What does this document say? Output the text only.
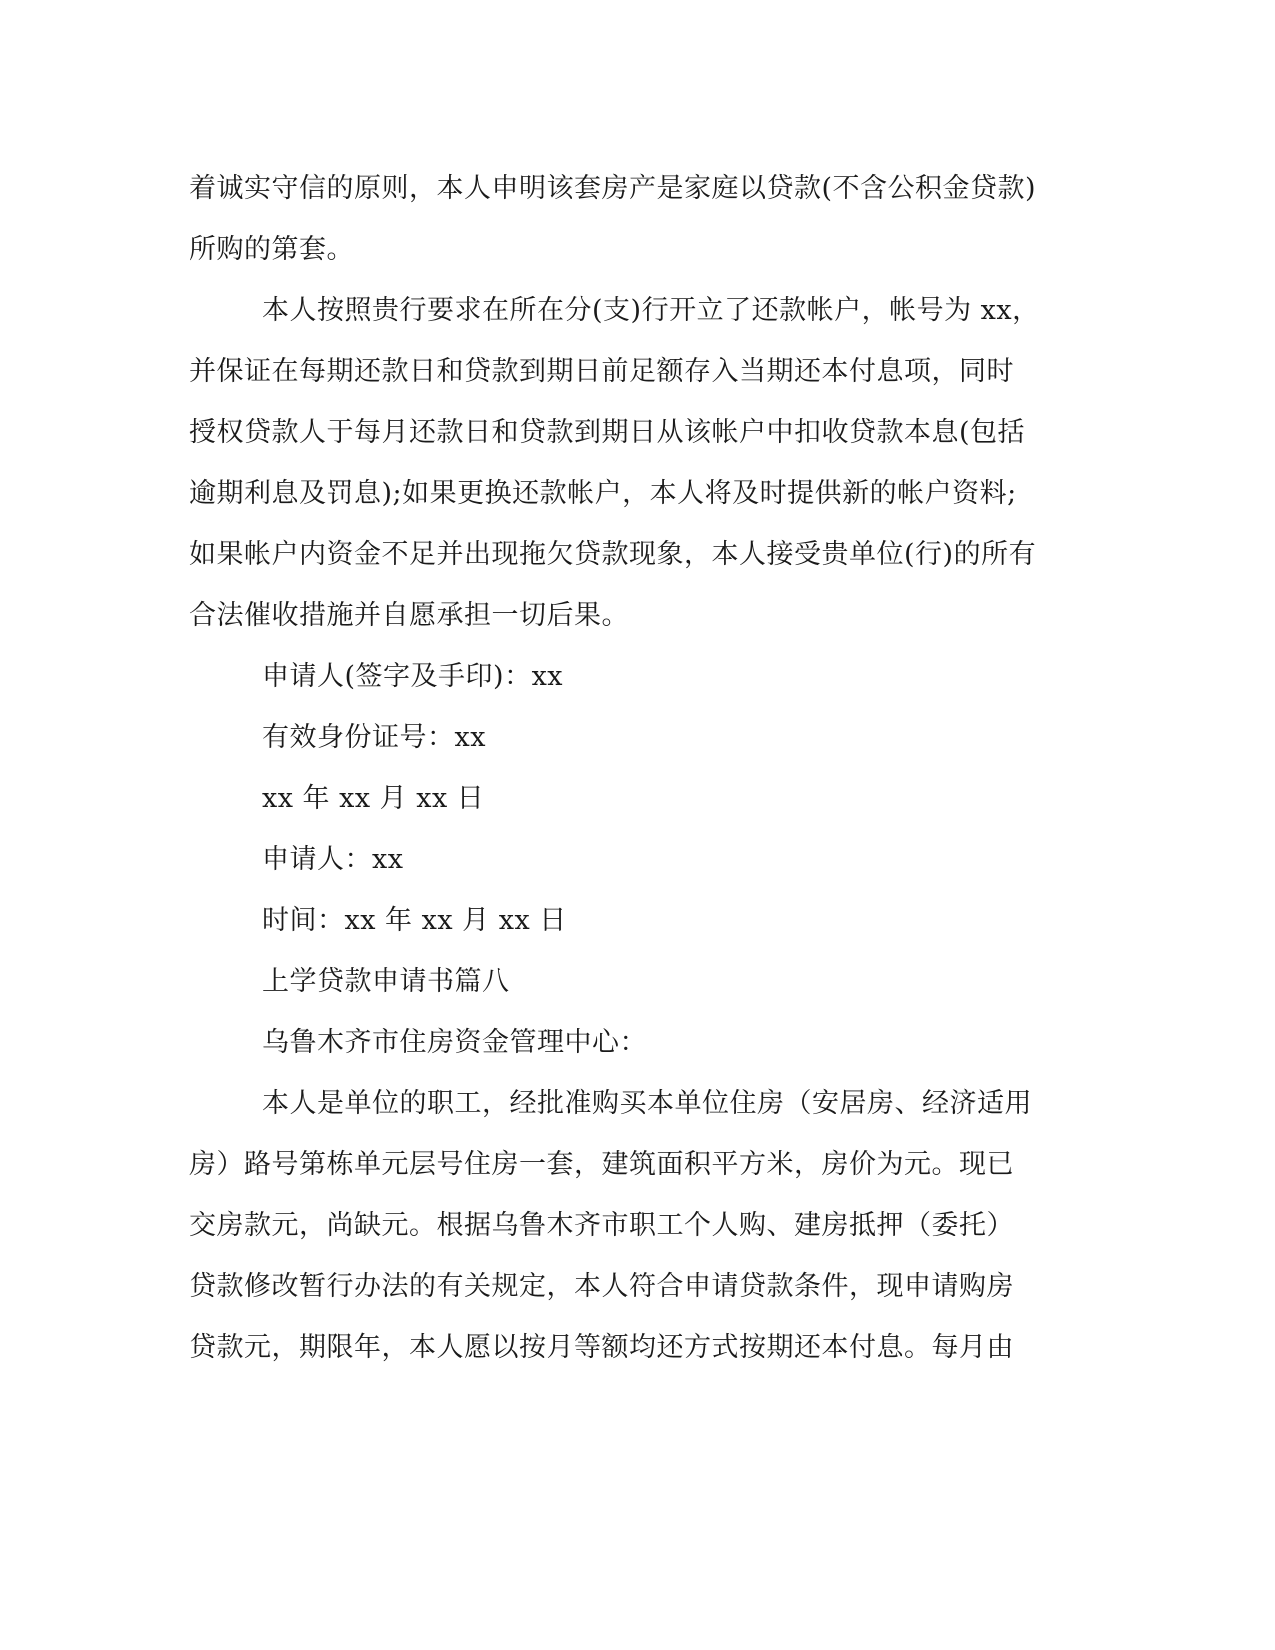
着诚实守信的原则，本人申明该套房产是家庭以贷款(不含公积金贷款)
所购的第套。
本人按照贵行要求在所在分(支)行开立了还款帐户，帐号为 xx，
并保证在每期还款日和贷款到期日前足额存入当期还本付息项，同时
授权贷款人于每月还款日和贷款到期日从该帐户中扣收贷款本息(包括
逾期利息及罚息);如果更换还款帐户，本人将及时提供新的帐户资料;
如果帐户内资金不足并出现拖欠贷款现象，本人接受贵单位(行)的所有
合法催收措施并自愿承担一切后果。
申请人(签字及手印)：xx
有效身份证号：xx
xx 年 xx 月 xx 日
申请人：xx
时间：xx 年 xx 月 xx 日
上学贷款申请书篇八
乌鲁木齐市住房资金管理中心：
本人是单位的职工，经批准购买本单位住房（安居房、经济适用
房）路号第栋单元层号住房一套，建筑面积平方米，房价为元。现已
交房款元，尚缺元。根据乌鲁木齐市职工个人购、建房抵押（委托）
贷款修改暂行办法的有关规定，本人符合申请贷款条件，现申请购房
贷款元，期限年，本人愿以按月等额均还方式按期还本付息。每月由
